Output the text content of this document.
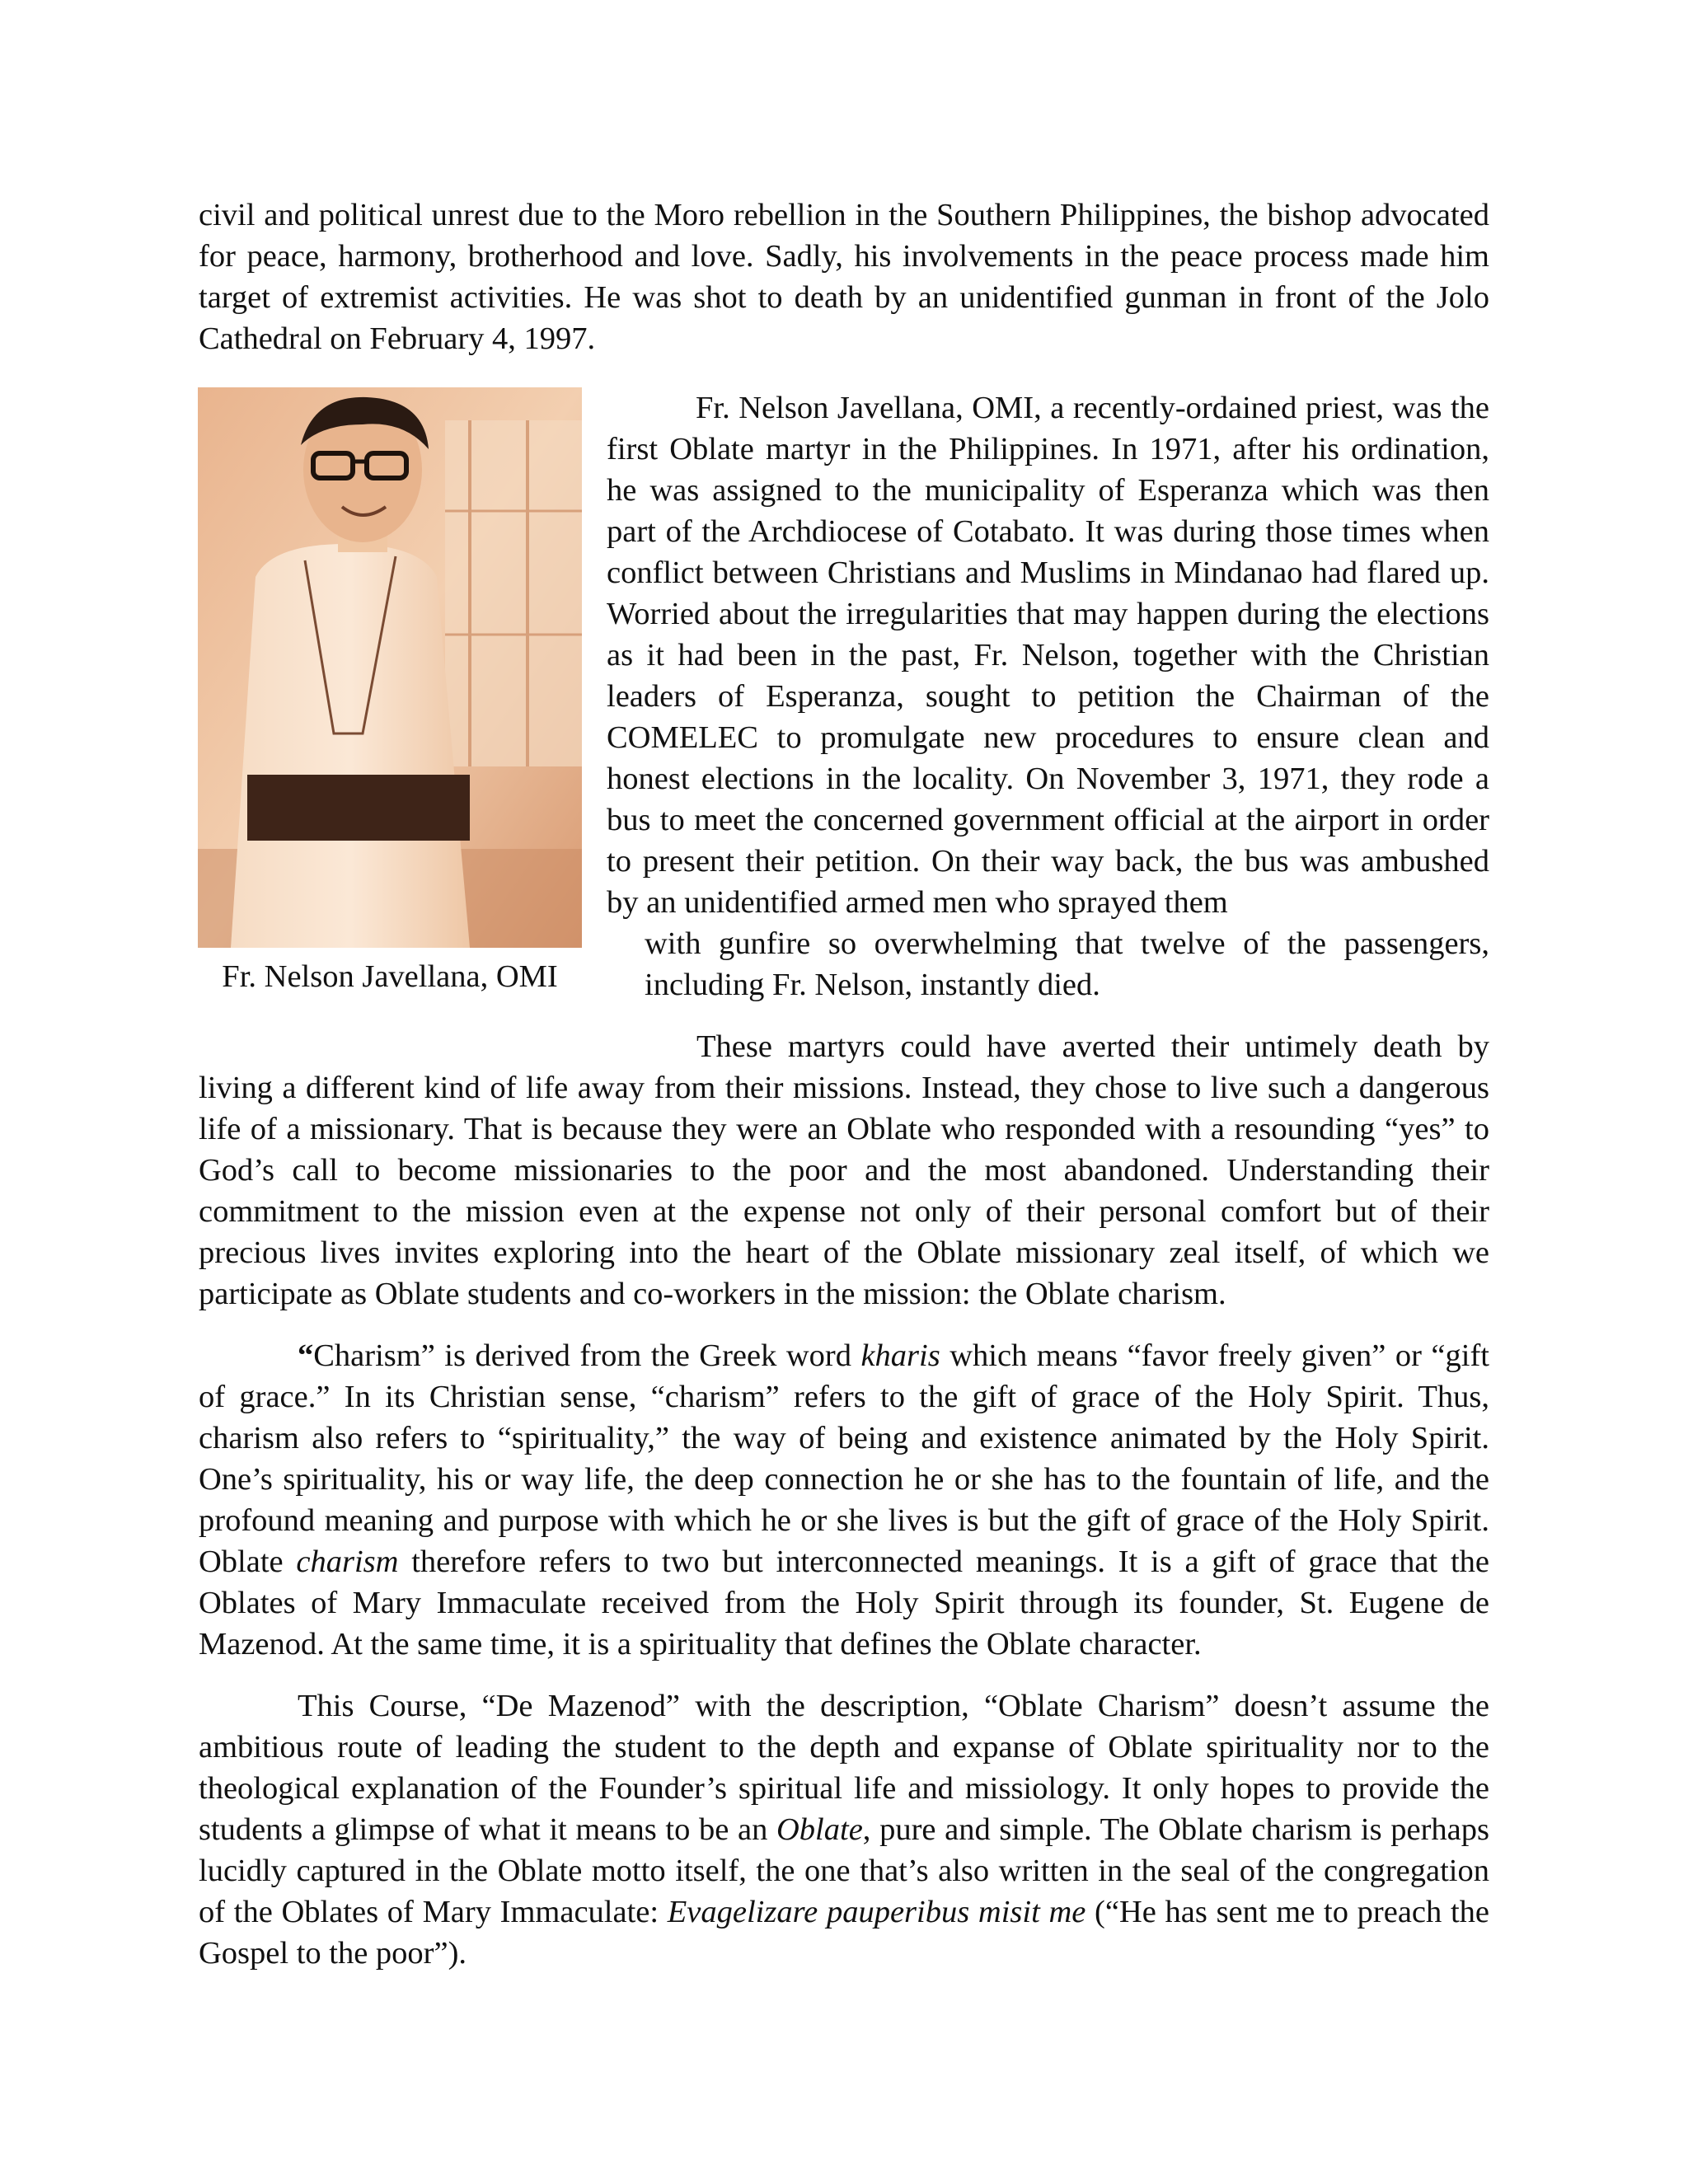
civil and political unrest due to the Moro rebellion in the Southern Philippines, the bishop advocated for peace, harmony, brotherhood and love. Sadly, his involvements in the peace process made him target of extremist activities. He was shot to death by an unidentified gunman in front of the Jolo Cathedral on February 4, 1997.

Fr. Nelson Javellana, OMI

Fr. Nelson Javellana, OMI, a recently-ordained priest, was the first Oblate martyr in the Philippines. In 1971, after his ordination, he was assigned to the municipality of Esperanza which was then part of the Archdiocese of Cotabato. It was during those times when conflict between Christians and Muslims in Mindanao had flared up. Worried about the irregularities that may happen during the elections as it had been in the past, Fr. Nelson, together with the Christian leaders of Esperanza, sought to petition the Chairman of the COMELEC to promulgate new procedures to ensure clean and honest elections in the locality. On November 3, 1971, they rode a bus to meet the concerned government official at the airport in order to present their petition. On their way back, the bus was ambushed by an unidentified armed men who sprayed them

with gunfire so overwhelming that twelve of the passengers, including Fr. Nelson, instantly died.

These martyrs could have averted their untimely death by living a different kind of life away from their missions. Instead, they chose to live such a dangerous life of a missionary. That is because they were an Oblate who responded with a resounding “yes” to God’s call to become missionaries to the poor and the most abandoned. Understanding their commitment to the mission even at the expense not only of their personal comfort but of their precious lives invites exploring into the heart of the Oblate missionary zeal itself, of which we participate as Oblate students and co-workers in the mission: the Oblate charism.

“Charism” is derived from the Greek word kharis which means “favor freely given” or “gift of grace.” In its Christian sense, “charism” refers to the gift of grace of the Holy Spirit. Thus, charism also refers to “spirituality,” the way of being and existence animated by the Holy Spirit. One’s spirituality, his or way life, the deep connection he or she has to the fountain of life, and the profound meaning and purpose with which he or she lives is but the gift of grace of the Holy Spirit. Oblate charism therefore refers to two but interconnected meanings. It is a gift of grace that the Oblates of Mary Immaculate received from the Holy Spirit through its founder, St. Eugene de Mazenod. At the same time, it is a spirituality that defines the Oblate character.

This Course, “De Mazenod” with the description, “Oblate Charism” doesn’t assume the ambitious route of leading the student to the depth and expanse of Oblate spirituality nor to the theological explanation of the Founder’s spiritual life and missiology. It only hopes to provide the students a glimpse of what it means to be an Oblate, pure and simple. The Oblate charism is perhaps lucidly captured in the Oblate motto itself, the one that’s also written in the seal of the congregation of the Oblates of Mary Immaculate: Evagelizare pauperibus misit me (“He has sent me to preach the Gospel to the poor”).
